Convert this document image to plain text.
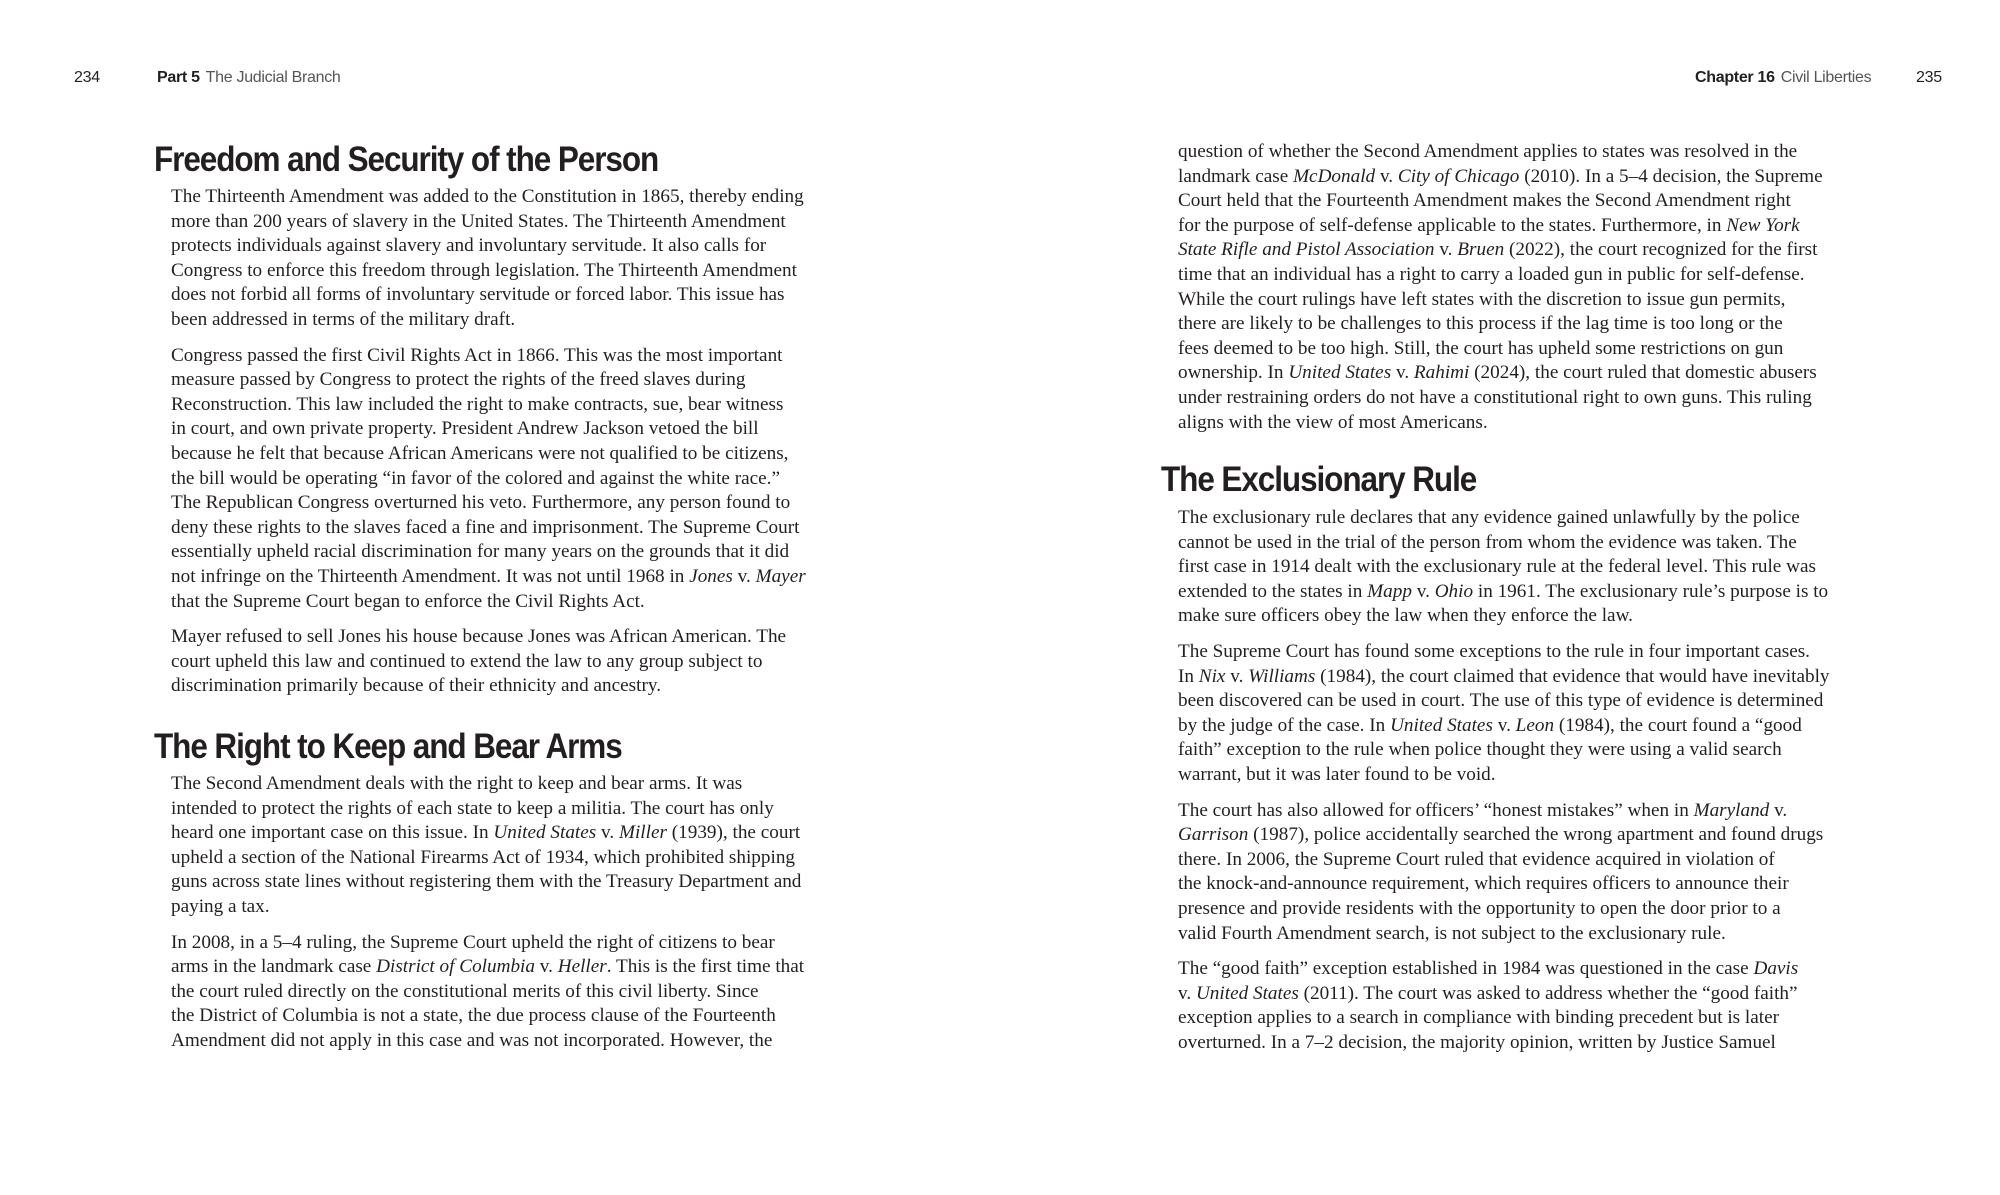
234	Part 5 The Judicial Branch
Freedom and Security of the Person

The Thirteenth Amendment was added to the Constitution in 1865, thereby ending
more than 200 years of slavery in the United States. The Thirteenth Amendment
protects individuals against slavery and involuntary servitude. It also calls for
Congress to enforce this freedom through legislation. The Thirteenth Amendment
does not forbid all forms of involuntary servitude or forced labor. This issue has
been addressed in terms of the military draft.

Congress passed the first Civil Rights Act in 1866. This was the most important
measure passed by Congress to protect the rights of the freed slaves during
Reconstruction. This law included the right to make contracts, sue, bear witness
in court, and own private property. President Andrew Jackson vetoed the bill
because he felt that because African Americans were not qualified to be citizens,
the bill would be operating “in favor of the colored and against the white race.”
The Republican Congress overturned his veto. Furthermore, any person found to
deny these rights to the slaves faced a fine and imprisonment. The Supreme Court
essentially upheld racial discrimination for many years on the grounds that it did
not infringe on the Thirteenth Amendment. It was not until 1968 in Jones v. Mayer
that the Supreme Court began to enforce the Civil Rights Act.

Mayer refused to sell Jones his house because Jones was African American. The
court upheld this law and continued to extend the law to any group subject to
discrimination primarily because of their ethnicity and ancestry.

The Right to Keep and Bear Arms

The Second Amendment deals with the right to keep and bear arms. It was
intended to protect the rights of each state to keep a militia. The court has only
heard one important case on this issue. In United States v. Miller (1939), the court
upheld a section of the National Firearms Act of 1934, which prohibited shipping
guns across state lines without registering them with the Treasury Department and
paying a tax.

In 2008, in a 5–4 ruling, the Supreme Court upheld the right of citizens to bear
arms in the landmark case District of Columbia v. Heller. This is the first time that
the court ruled directly on the constitutional merits of this civil liberty. Since
the District of Columbia is not a state, the due process clause of the Fourteenth
Amendment did not apply in this case and was not incorporated. However, the

Chapter 16 Civil Liberties	235

question of whether the Second Amendment applies to states was resolved in the
landmark case McDonald v. City of Chicago (2010). In a 5–4 decision, the Supreme
Court held that the Fourteenth Amendment makes the Second Amendment right
for the purpose of self-defense applicable to the states. Furthermore, in New York
State Rifle and Pistol Association v. Bruen (2022), the court recognized for the first
time that an individual has a right to carry a loaded gun in public for self-defense.
While the court rulings have left states with the discretion to issue gun permits,
there are likely to be challenges to this process if the lag time is too long or the
fees deemed to be too high. Still, the court has upheld some restrictions on gun
ownership. In United States v. Rahimi (2024), the court ruled that domestic abusers
under restraining orders do not have a constitutional right to own guns. This ruling
aligns with the view of most Americans.

The Exclusionary Rule

The exclusionary rule declares that any evidence gained unlawfully by the police
cannot be used in the trial of the person from whom the evidence was taken. The
first case in 1914 dealt with the exclusionary rule at the federal level. This rule was
extended to the states in Mapp v. Ohio in 1961. The exclusionary rule’s purpose is to
make sure officers obey the law when they enforce the law.

The Supreme Court has found some exceptions to the rule in four important cases.
In Nix v. Williams (1984), the court claimed that evidence that would have inevitably
been discovered can be used in court. The use of this type of evidence is determined
by the judge of the case. In United States v. Leon (1984), the court found a “good
faith” exception to the rule when police thought they were using a valid search
warrant, but it was later found to be void.

The court has also allowed for officers’ “honest mistakes” when in Maryland v.
Garrison (1987), police accidentally searched the wrong apartment and found drugs
there. In 2006, the Supreme Court ruled that evidence acquired in violation of
the knock-and-announce requirement, which requires officers to announce their
presence and provide residents with the opportunity to open the door prior to a
valid Fourth Amendment search, is not subject to the exclusionary rule.

The “good faith” exception established in 1984 was questioned in the case Davis
v. United States (2011). The court was asked to address whether the “good faith”
exception applies to a search in compliance with binding precedent but is later
overturned. In a 7–2 decision, the majority opinion, written by Justice Samuel
